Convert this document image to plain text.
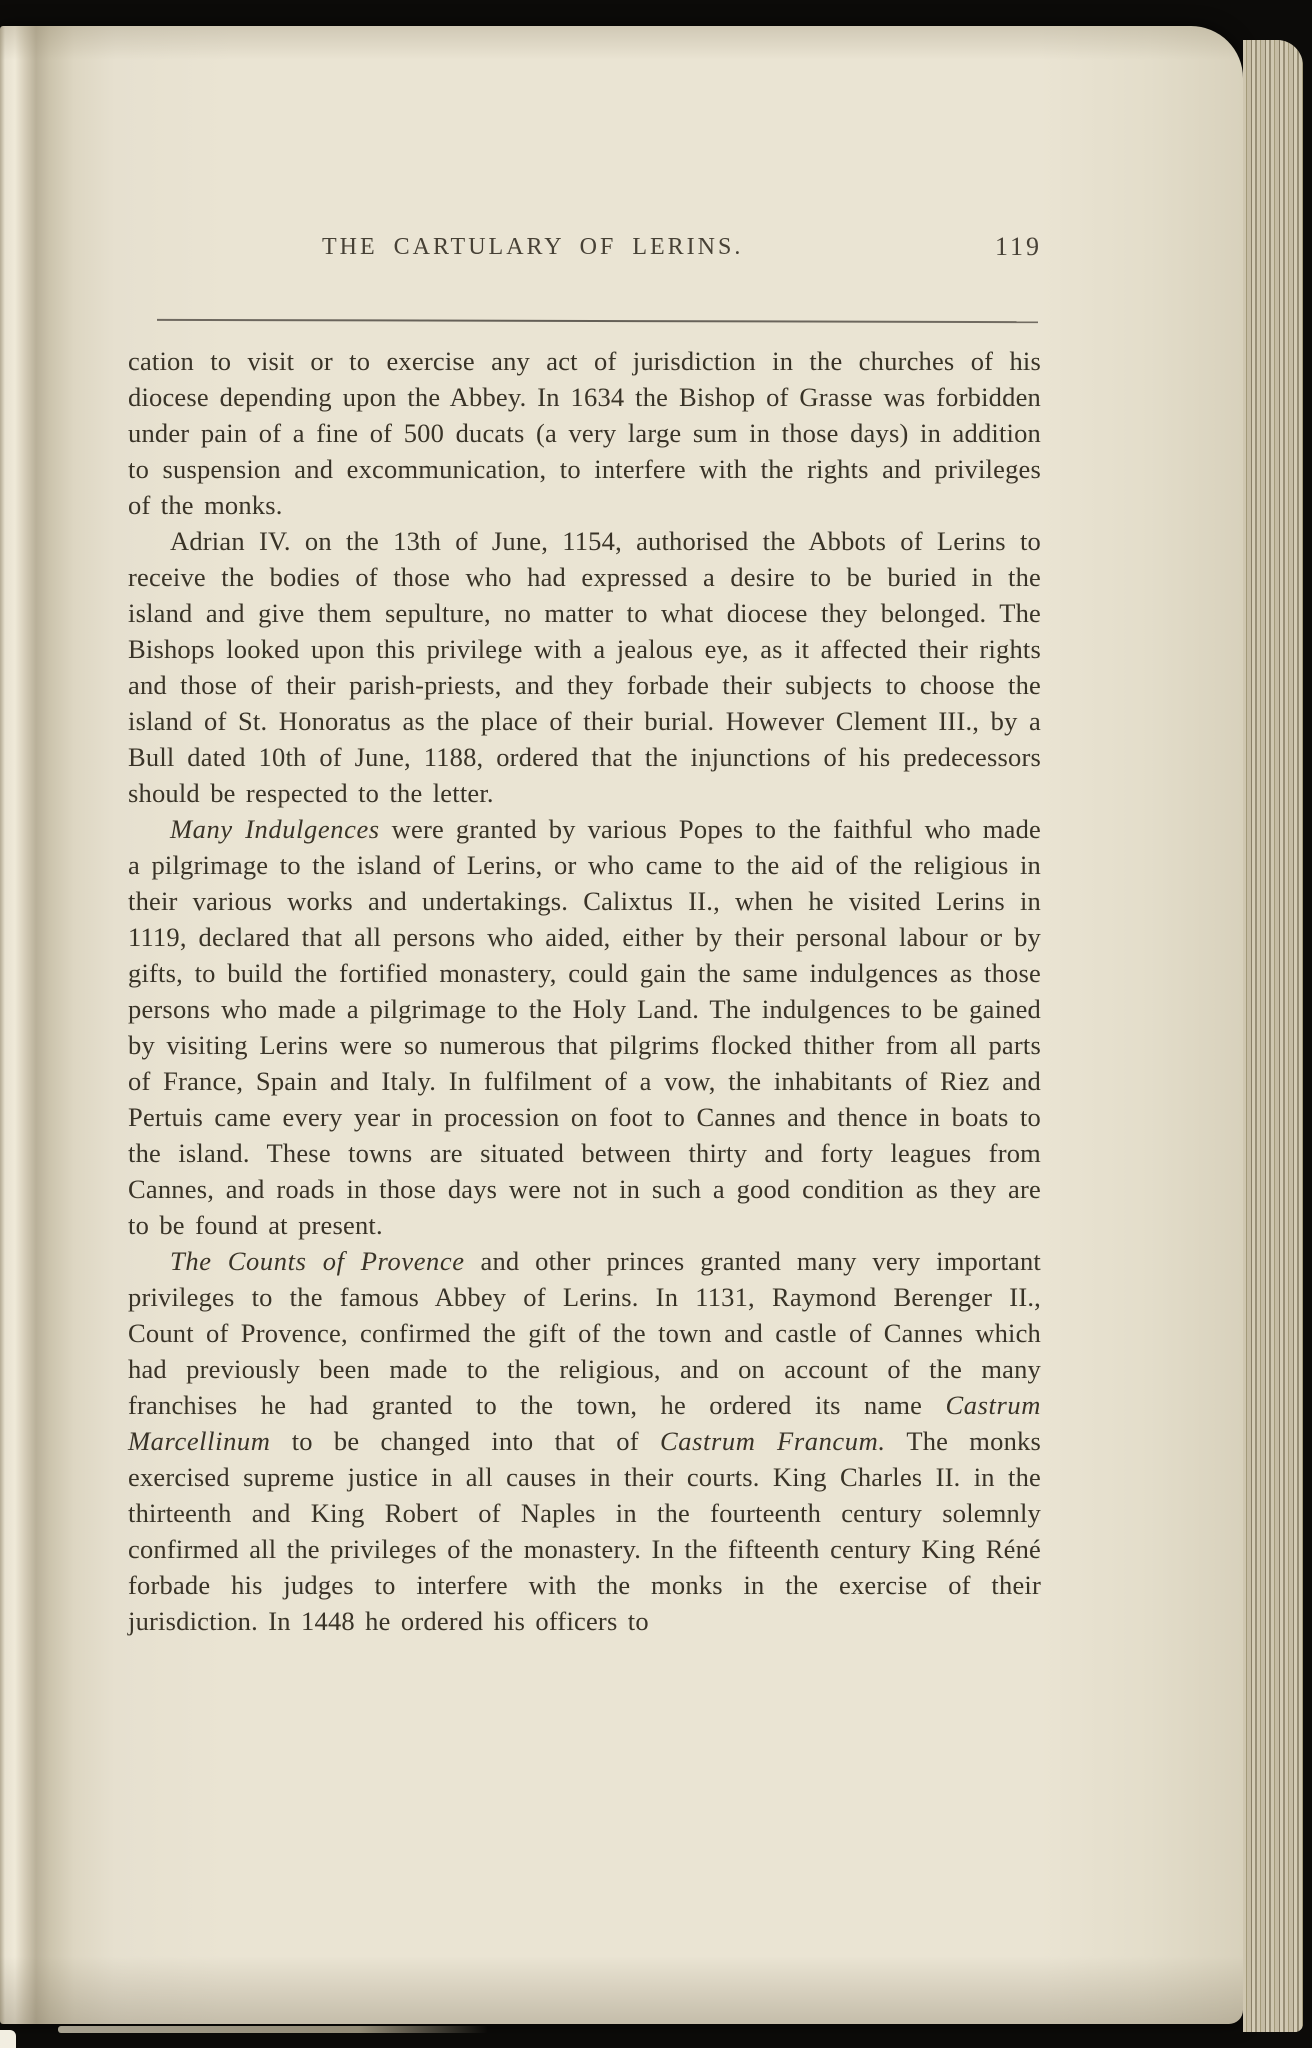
THE CARTULARY OF LERINS.	119

cation to visit or to exercise any act of jurisdiction in the churches of his diocese depending upon the Abbey. In 1634 the Bishop of Grasse was forbidden under pain of a fine of 500 ducats (a very large sum in those days) in addition to suspension and excommunication, to interfere with the rights and privileges of the monks.

Adrian IV. on the 13th of June, 1154, authorised the Abbots of Lerins to receive the bodies of those who had expressed a desire to be buried in the island and give them sepulture, no matter to what diocese they belonged. The Bishops looked upon this privilege with a jealous eye, as it affected their rights and those of their parish-priests, and they forbade their subjects to choose the island of St. Honoratus as the place of their burial. However Clement III., by a Bull dated 10th of June, 1188, ordered that the injunctions of his predecessors should be respected to the letter.

Many Indulgences were granted by various Popes to the faithful who made a pilgrimage to the island of Lerins, or who came to the aid of the religious in their various works and undertakings. Calixtus II., when he visited Lerins in 1119, declared that all persons who aided, either by their personal labour or by gifts, to build the fortified monastery, could gain the same indulgences as those persons who made a pilgrimage to the Holy Land. The indulgences to be gained by visiting Lerins were so numerous that pilgrims flocked thither from all parts of France, Spain and Italy. In fulfilment of a vow, the inhabitants of Riez and Pertuis came every year in procession on foot to Cannes and thence in boats to the island. These towns are situated between thirty and forty leagues from Cannes, and roads in those days were not in such a good condition as they are to be found at present.

The Counts of Provence and other princes granted many very important privileges to the famous Abbey of Lerins. In 1131, Raymond Berenger II., Count of Provence, confirmed the gift of the town and castle of Cannes which had previously been made to the religious, and on account of the many franchises he had granted to the town, he ordered its name Castrum Marcellinum to be changed into that of Castrum Francum. The monks exercised supreme justice in all causes in their courts. King Charles II. in the thirteenth and King Robert of Naples in the fourteenth century solemnly confirmed all the privileges of the monastery. In the fifteenth century King Réné forbade his judges to interfere with the monks in the exercise of their jurisdiction. In 1448 he ordered his officers to
